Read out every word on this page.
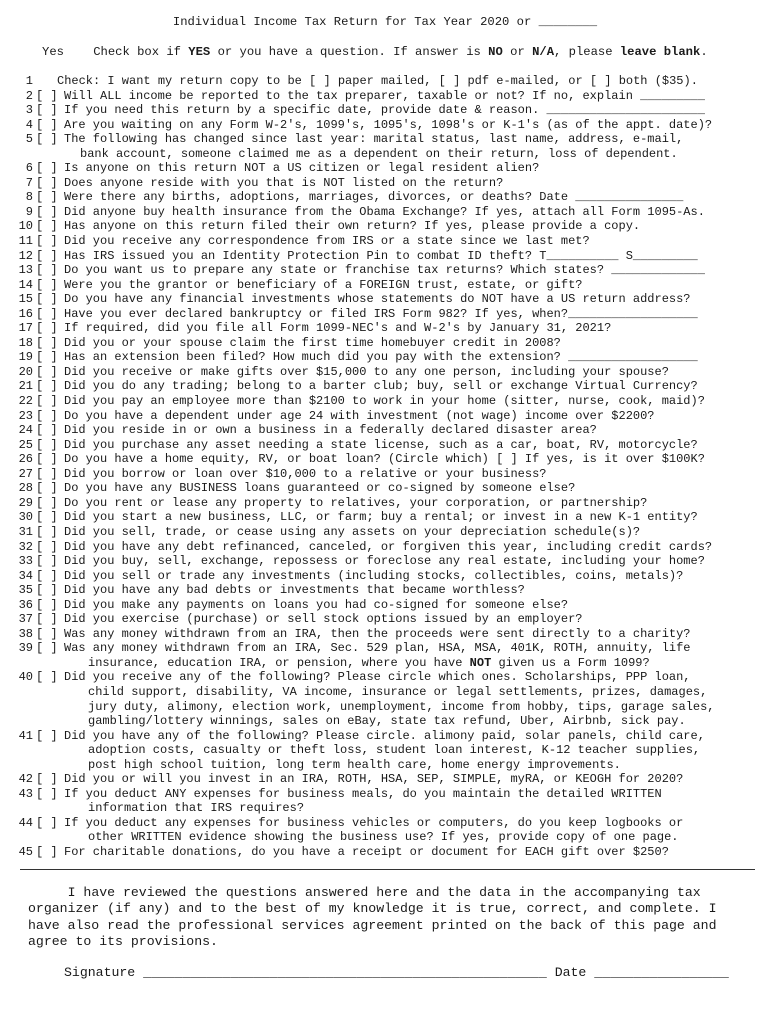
Individual Income Tax Return for Tax Year 2020 or ________
Yes Check box if YES or you have a question. If answer is NO or N/A, please leave blank.
1 Check: I want my return copy to be [ ] paper mailed, [ ] pdf e-mailed, or [ ] both ($35).
2 [ ] Will ALL income be reported to the tax preparer, taxable or not? If no, explain _________
3 [ ] If you need this return by a specific date, provide date & reason. ______________________
4 [ ] Are you waiting on any Form W-2's, 1099's, 1095's, 1098's or K-1's (as of the appt. date)?
5 [ ] The following has changed since last year: marital status, last name, address, e-mail,
bank account, someone claimed me as a dependent on their return, loss of dependent.
6 [ ] Is anyone on this return NOT a US citizen or legal resident alien?
7 [ ] Does anyone reside with you that is NOT listed on the return?
8 [ ] Were there any births, adoptions, marriages, divorces, or deaths? Date _______________
9 [ ] Did anyone buy health insurance from the Obama Exchange? If yes, attach all Form 1095-As.
10 [ ] Has anyone on this return filed their own return? If yes, please provide a copy.
11 [ ] Did you receive any correspondence from IRS or a state since we last met?
12 [ ] Has IRS issued you an Identity Protection Pin to combat ID theft? T__________ S_________
13 [ ] Do you want us to prepare any state or franchise tax returns? Which states? _____________
14 [ ] Were you the grantor or beneficiary of a FOREIGN trust, estate, or gift?
15 [ ] Do you have any financial investments whose statements do NOT have a US return address?
16 [ ] Have you ever declared bankruptcy or filed IRS Form 982? If yes, when?__________________
17 [ ] If required, did you file all Form 1099-NEC's and W-2's by January 31, 2021?
18 [ ] Did you or your spouse claim the first time homebuyer credit in 2008?
19 [ ] Has an extension been filed? How much did you pay with the extension? __________________
20 [ ] Did you receive or make gifts over $15,000 to any one person, including your spouse?
21 [ ] Did you do any trading; belong to a barter club; buy, sell or exchange Virtual Currency?
22 [ ] Did you pay an employee more than $2100 to work in your home (sitter, nurse, cook, maid)?
23 [ ] Do you have a dependent under age 24 with investment (not wage) income over $2200?
24 [ ] Did you reside in or own a business in a federally declared disaster area?
25 [ ] Did you purchase any asset needing a state license, such as a car, boat, RV, motorcycle?
26 [ ] Do you have a home equity, RV, or boat loan? (Circle which) [ ] If yes, is it over $100K?
27 [ ] Did you borrow or loan over $10,000 to a relative or your business?
28 [ ] Do you have any BUSINESS loans guaranteed or co-signed by someone else?
29 [ ] Do you rent or lease any property to relatives, your corporation, or partnership?
30 [ ] Did you start a new business, LLC, or farm; buy a rental; or invest in a new K-1 entity?
31 [ ] Did you sell, trade, or cease using any assets on your depreciation schedule(s)?
32 [ ] Did you have any debt refinanced, canceled, or forgiven this year, including credit cards?
33 [ ] Did you buy, sell, exchange, repossess or foreclose any real estate, including your home?
34 [ ] Did you sell or trade any investments (including stocks, collectibles, coins, metals)?
35 [ ] Did you have any bad debts or investments that became worthless?
36 [ ] Did you make any payments on loans you had co-signed for someone else?
37 [ ] Did you exercise (purchase) or sell stock options issued by an employer?
38 [ ] Was any money withdrawn from an IRA, then the proceeds were sent directly to a charity?
39 [ ] Was any money withdrawn from an IRA, Sec. 529 plan, HSA, MSA, 401K, ROTH, annuity, life
insurance, education IRA, or pension, where you have NOT given us a Form 1099?
40 [ ] Did you receive any of the following? Please circle which ones. Scholarships, PPP loan,
child support, disability, VA income, insurance or legal settlements, prizes, damages,
jury duty, alimony, election work, unemployment, income from hobby, tips, garage sales,
gambling/lottery winnings, sales on eBay, state tax refund, Uber, Airbnb, sick pay.
41 [ ] Did you have any of the following? Please circle. alimony paid, solar panels, child care,
adoption costs, casualty or theft loss, student loan interest, K-12 teacher supplies,
post high school tuition, long term health care, home energy improvements.
42 [ ] Did you or will you invest in an IRA, ROTH, HSA, SEP, SIMPLE, myRA, or KEOGH for 2020?
43 [ ] If you deduct ANY expenses for business meals, do you maintain the detailed WRITTEN
information that IRS requires?
44 [ ] If you deduct any expenses for business vehicles or computers, do you keep logbooks or
other WRITTEN evidence showing the business use? If yes, provide copy of one page.
45 [ ] For charitable donations, do you have a receipt or document for EACH gift over $250?
I have reviewed the questions answered here and the data in the accompanying tax organizer (if any) and to the best of my knowledge it is true, correct, and complete. I have also read the professional services agreement printed on the back of this page and agree to its provisions.
Signature ___________________________________________________ Date _________________
